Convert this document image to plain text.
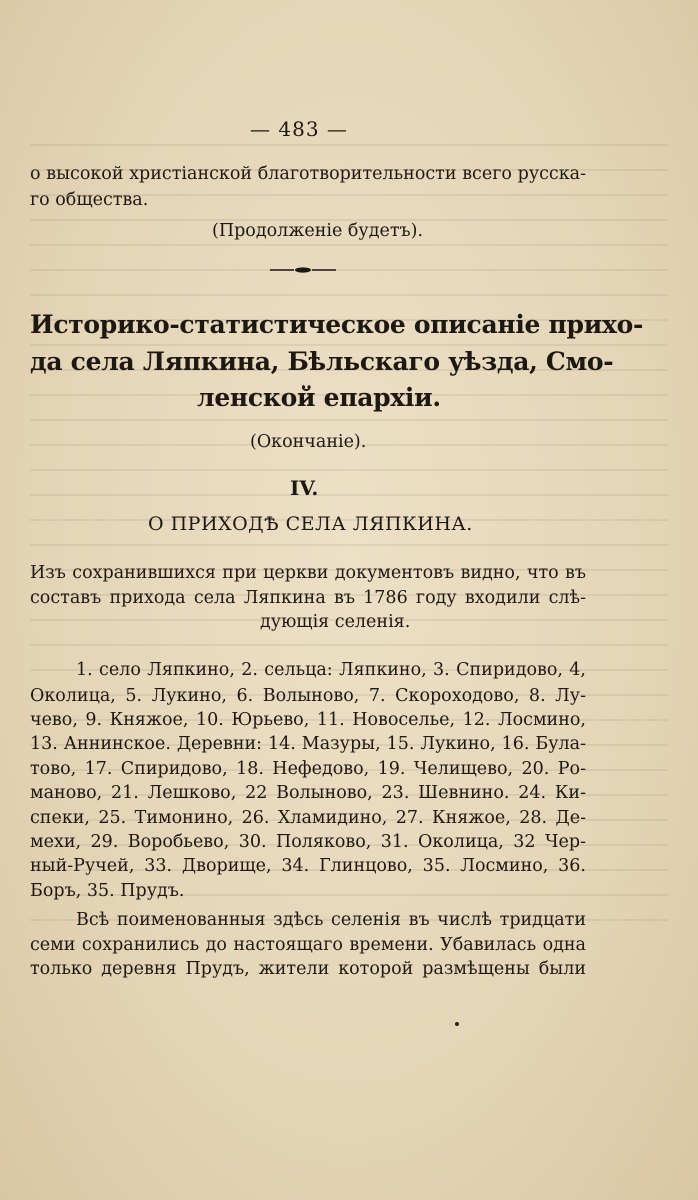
— 483 —
о высокой христіанской благотворительности всего русска-
го общества.
(Продолженіе будетъ).
Историко-статистическое описаніе прихо-
да села Ляпкина, Бѣльскаго уѣзда, Смо-
ленской епархіи.
(Окончаніе).
IV.
О ПРИХОДѢ СЕЛА ЛЯПКИНА.
Изъ сохранившихся при церкви документовъ видно, что въ
составъ прихода села Ляпкина въ 1786 году входили слѣ-
дующія селенія.
1. село Ляпкино, 2. сельца: Ляпкино, 3. Спиридово, 4,
Околица, 5. Лукино, 6. Волыново, 7. Скороходово, 8. Лу-
чево, 9. Княжое, 10. Юрьево, 11. Новоселье, 12. Лосмино,
13. Аннинское. Деревни: 14. Мазуры, 15. Лукино, 16. Була-
тово, 17. Спиридово, 18. Нефедово, 19. Челищево, 20. Ро-
маново, 21. Лешково, 22 Волыново, 23. Шевнино. 24. Ки-
спеки, 25. Тимонино, 26. Хламидино, 27. Княжое, 28. Де-
мехи, 29. Воробьево, 30. Поляково, 31. Околица, 32 Чер-
ный-Ручей, 33. Дворище, 34. Глинцово, 35. Лосмино, 36.
Боръ, 35. Прудъ.
Всѣ поименованныя здѣсь селенія въ числѣ тридцати
семи сохранились до настоящаго времени. Убавилась одна
только деревня Прудъ, жители которой размѣщены были
